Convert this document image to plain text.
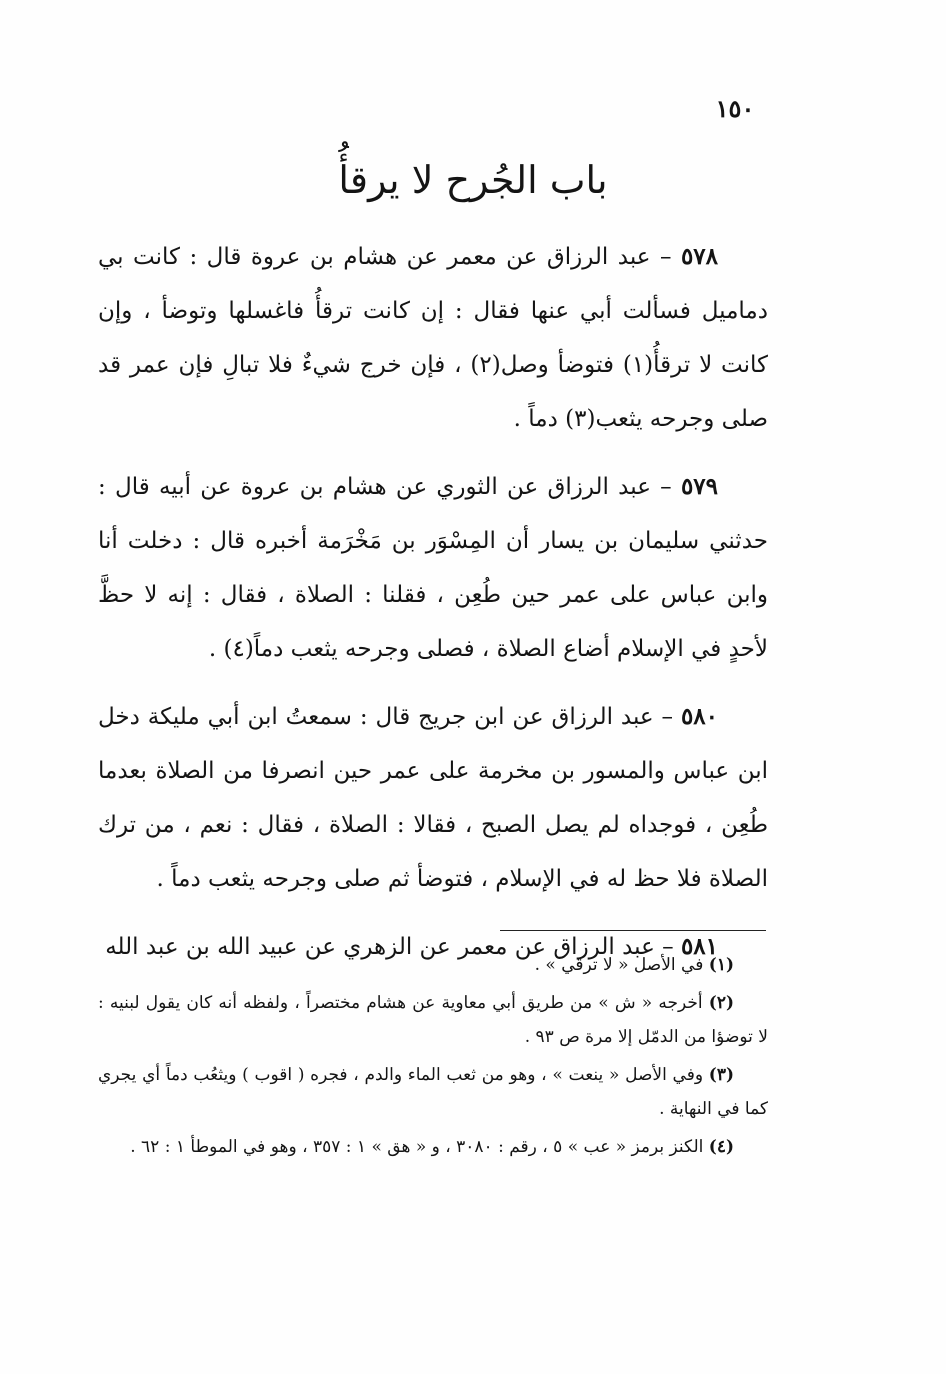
١٥٠
باب الجُرح لا يرقأُ

٥٧٨ – عبد الرزاق عن معمر عن هشام بن عروة قال : كانت بي دماميل فسألت أبي عنها فقال : إن كانت ترقأُ فاغسلها وتوضأ ، وإن كانت لا ترقأُ(١) فتوضأ وصل(٢) ، فإن خرج شيءٌ فلا تبالِ فإن عمر قد صلى وجرحه يثعب(٣) دماً .

٥٧٩ – عبد الرزاق عن الثوري عن هشام بن عروة عن أبيه قال : حدثني سليمان بن يسار أن المِسْوَر بن مَخْرَمة أخبره قال : دخلت أنا وابن عباس على عمر حين طُعِن ، فقلنا : الصلاة ، فقال : إنه لا حظَّ لأحدٍ في الإسلام أضاع الصلاة ، فصلى وجرحه يثعب دماً(٤) .

٥٨٠ – عبد الرزاق عن ابن جريج قال : سمعتُ ابن أبي مليكة دخل ابن عباس والمسور بن مخرمة على عمر حين انصرفا من الصلاة بعدما طُعِن ، فوجداه لم يصل الصبح ، فقالا : الصلاة ، فقال : نعم ، من ترك الصلاة فلا حظ له في الإسلام ، فتوضأ ثم صلى وجرحه يثعب دماً .

٥٨١ – عبد الرزاق عن معمر عن الزهري عن عبيد الله بن عبد الله

(١) في الأصل « لا ترقي » .

(٢) أخرجه « ش » من طريق أبي معاوية عن هشام مختصراً ، ولفظه أنه كان يقول لبنيه : لا توضؤا من الدمّل إلا مرة ص ٩٣ .

(٣) وفي الأصل « ينعت » ، وهو من ثعب الماء والدم ، فجره ( اقوب ) ويثعُب دماً أي يجري كما في النهاية .

(٤) الكنز برمز « عب » ٥ ، رقم : ٣٠٨٠ ، و « هق » ١ : ٣٥٧ ، وهو في الموطأ ١ : ٦٢ .
